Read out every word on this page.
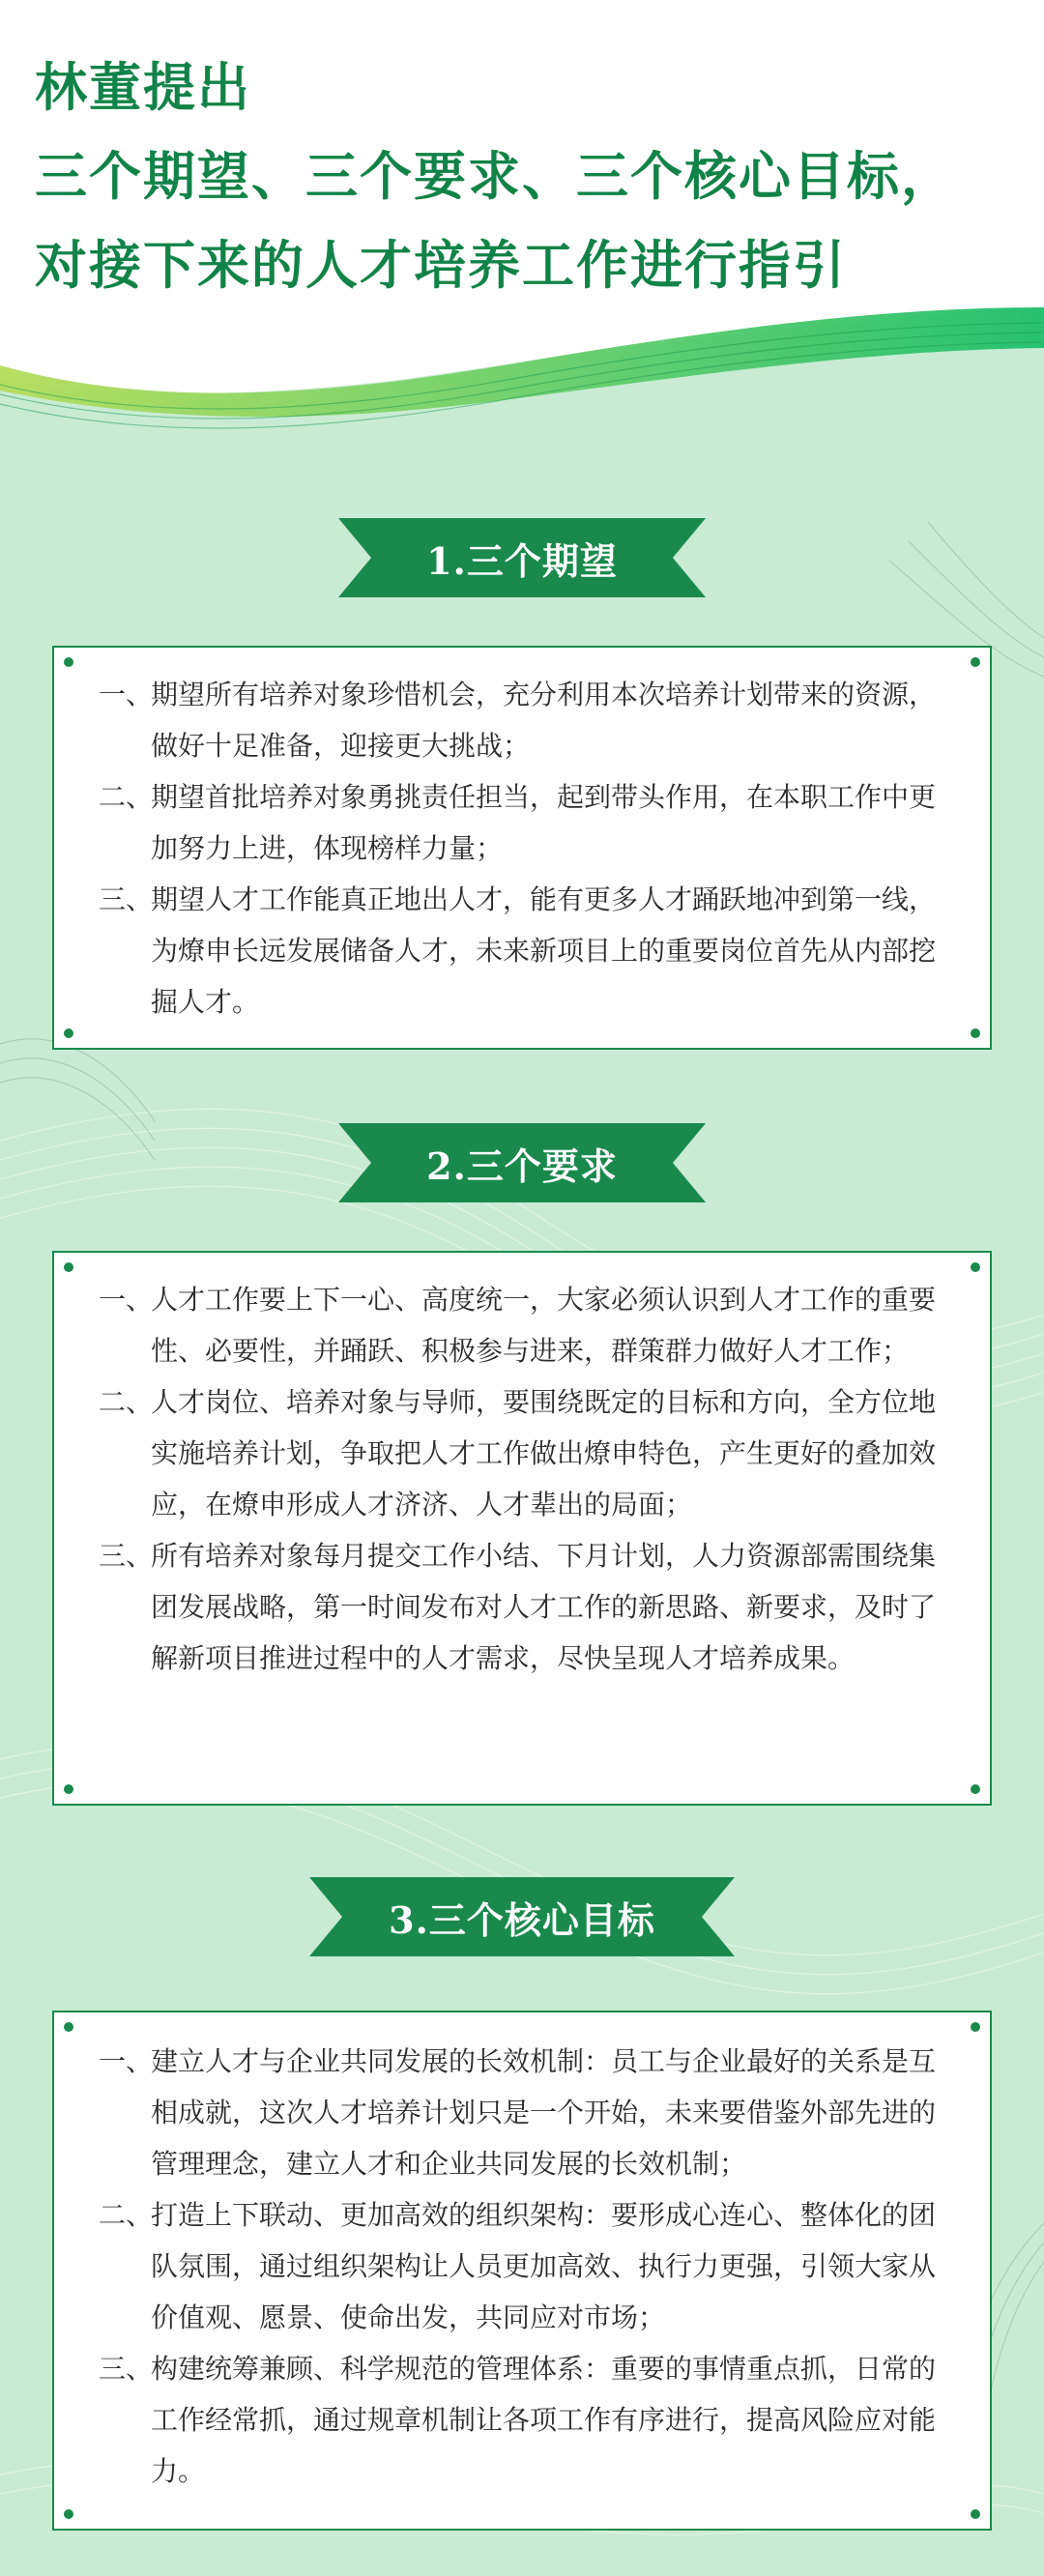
林董提出
三个期望、三个要求、三个核心目标，
对接下来的人才培养工作进行指引
1.三个期望
一、
期望所有培养对象珍惜机会，充分利用本次培养计划带来的资源，做好十足准备，迎接更大挑战；
二、
期望首批培养对象勇挑责任担当，起到带头作用，在本职工作中更加努力上进，体现榜样力量；
三、
期望人才工作能真正地出人才，能有更多人才踊跃地冲到第一线，为燎申长远发展储备人才，未来新项目上的重要岗位首先从内部挖掘人才。
2.三个要求
一、
人才工作要上下一心、高度统一，大家必须认识到人才工作的重要性、必要性，并踊跃、积极参与进来，群策群力做好人才工作；
二、
人才岗位、培养对象与导师，要围绕既定的目标和方向，全方位地实施培养计划，争取把人才工作做出燎申特色，产生更好的叠加效应，在燎申形成人才济济、人才辈出的局面；
三、
所有培养对象每月提交工作小结、下月计划，人力资源部需围绕集团发展战略，第一时间发布对人才工作的新思路、新要求，及时了解新项目推进过程中的人才需求，尽快呈现人才培养成果。
3.三个核心目标
一、
建立人才与企业共同发展的长效机制：员工与企业最好的关系是互相成就，这次人才培养计划只是一个开始，未来要借鉴外部先进的管理理念，建立人才和企业共同发展的长效机制；
二、
打造上下联动、更加高效的组织架构：要形成心连心、整体化的团队氛围，通过组织架构让人员更加高效、执行力更强，引领大家从价值观、愿景、使命出发，共同应对市场；
三、
构建统筹兼顾、科学规范的管理体系：重要的事情重点抓，日常的工作经常抓，通过规章机制让各项工作有序进行，提高风险应对能力。
